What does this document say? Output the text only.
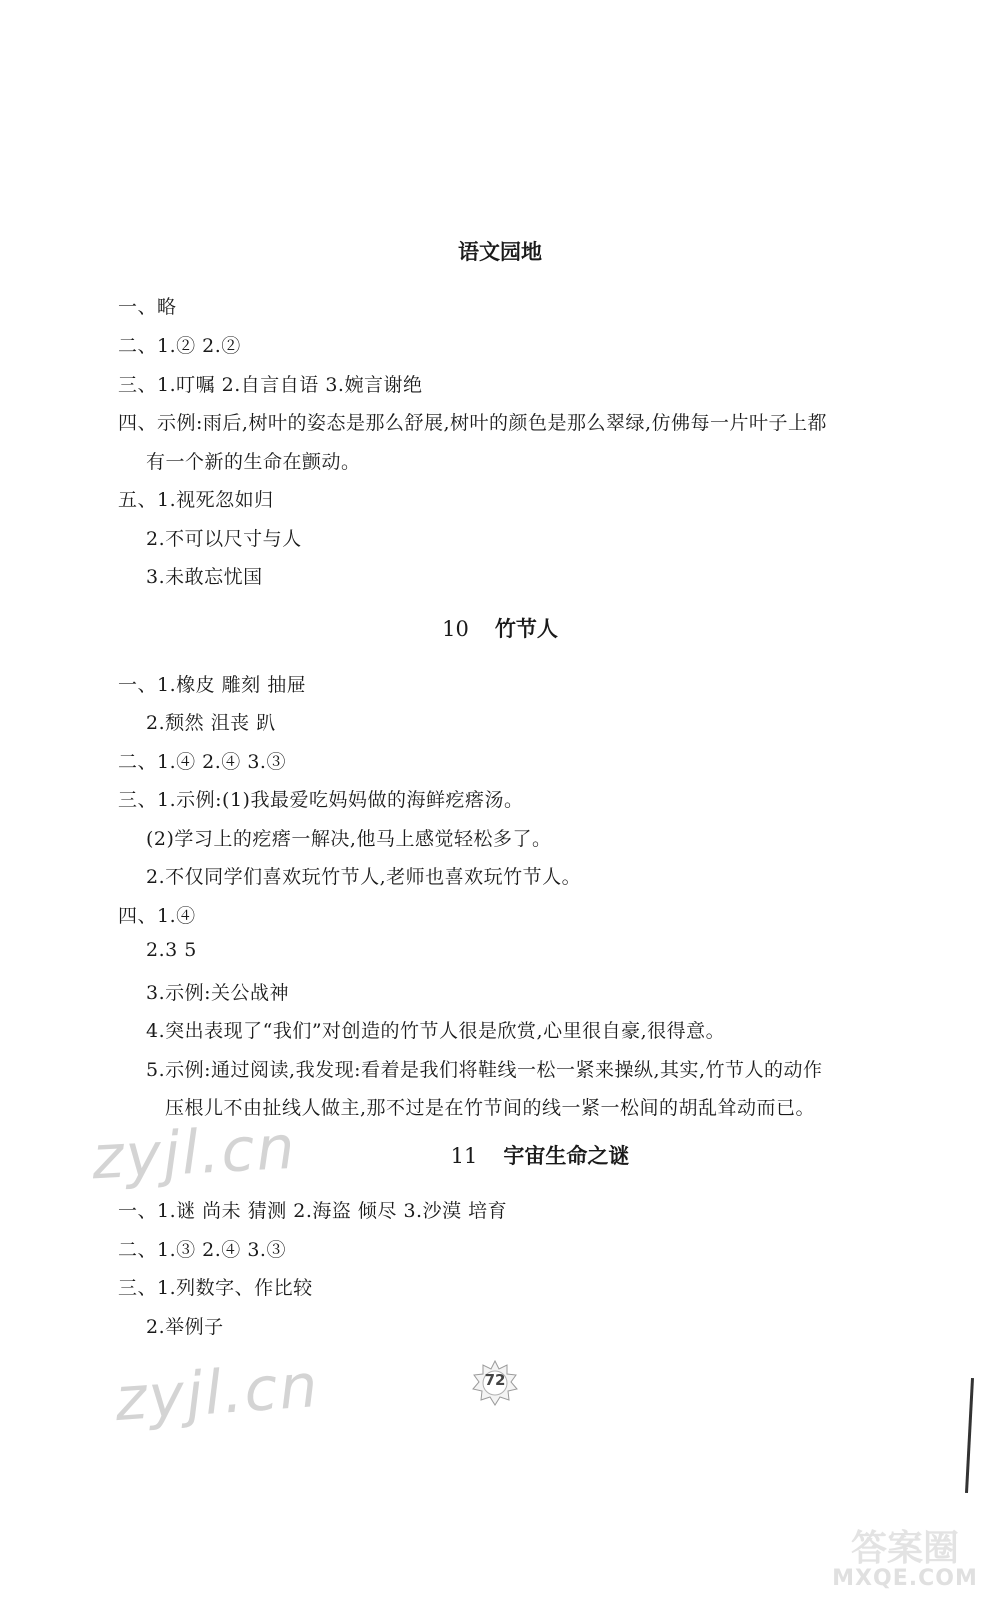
语文园地
一、略
二、1.② 2.②
三、1.叮嘱 2.自言自语 3.婉言谢绝
四、示例:雨后,树叶的姿态是那么舒展,树叶的颜色是那么翠绿,仿佛每一片叶子上都
有一个新的生命在颤动。
五、1.视死忽如归
2.不可以尺寸与人
3.未敢忘忧国
10 竹节人
一、1.橡皮 雕刻 抽屉
2.颓然 沮丧 趴
二、1.④ 2.④ 3.③
三、1.示例:(1)我最爱吃妈妈做的海鲜疙瘩汤。
(2)学习上的疙瘩一解决,他马上感觉轻松多了。
2.不仅同学们喜欢玩竹节人,老师也喜欢玩竹节人。
四、1.④
2.3 5
3.示例:关公战神
4.突出表现了“我们”对创造的竹节人很是欣赏,心里很自豪,很得意。
5.示例:通过阅读,我发现:看着是我们将鞋线一松一紧来操纵,其实,竹节人的动作
压根儿不由扯线人做主,那不过是在竹节间的线一紧一松间的胡乱耸动而已。
zyjl.cn	11 宇宙生命之谜
一、1.谜 尚未 猜测 2.海盗 倾尽 3.沙漠 培育
二、1.③ 2.④ 3.③
三、1.列数字、作比较
2.举例子
zyjl.cn	72
答案圈
MXQE.COM
